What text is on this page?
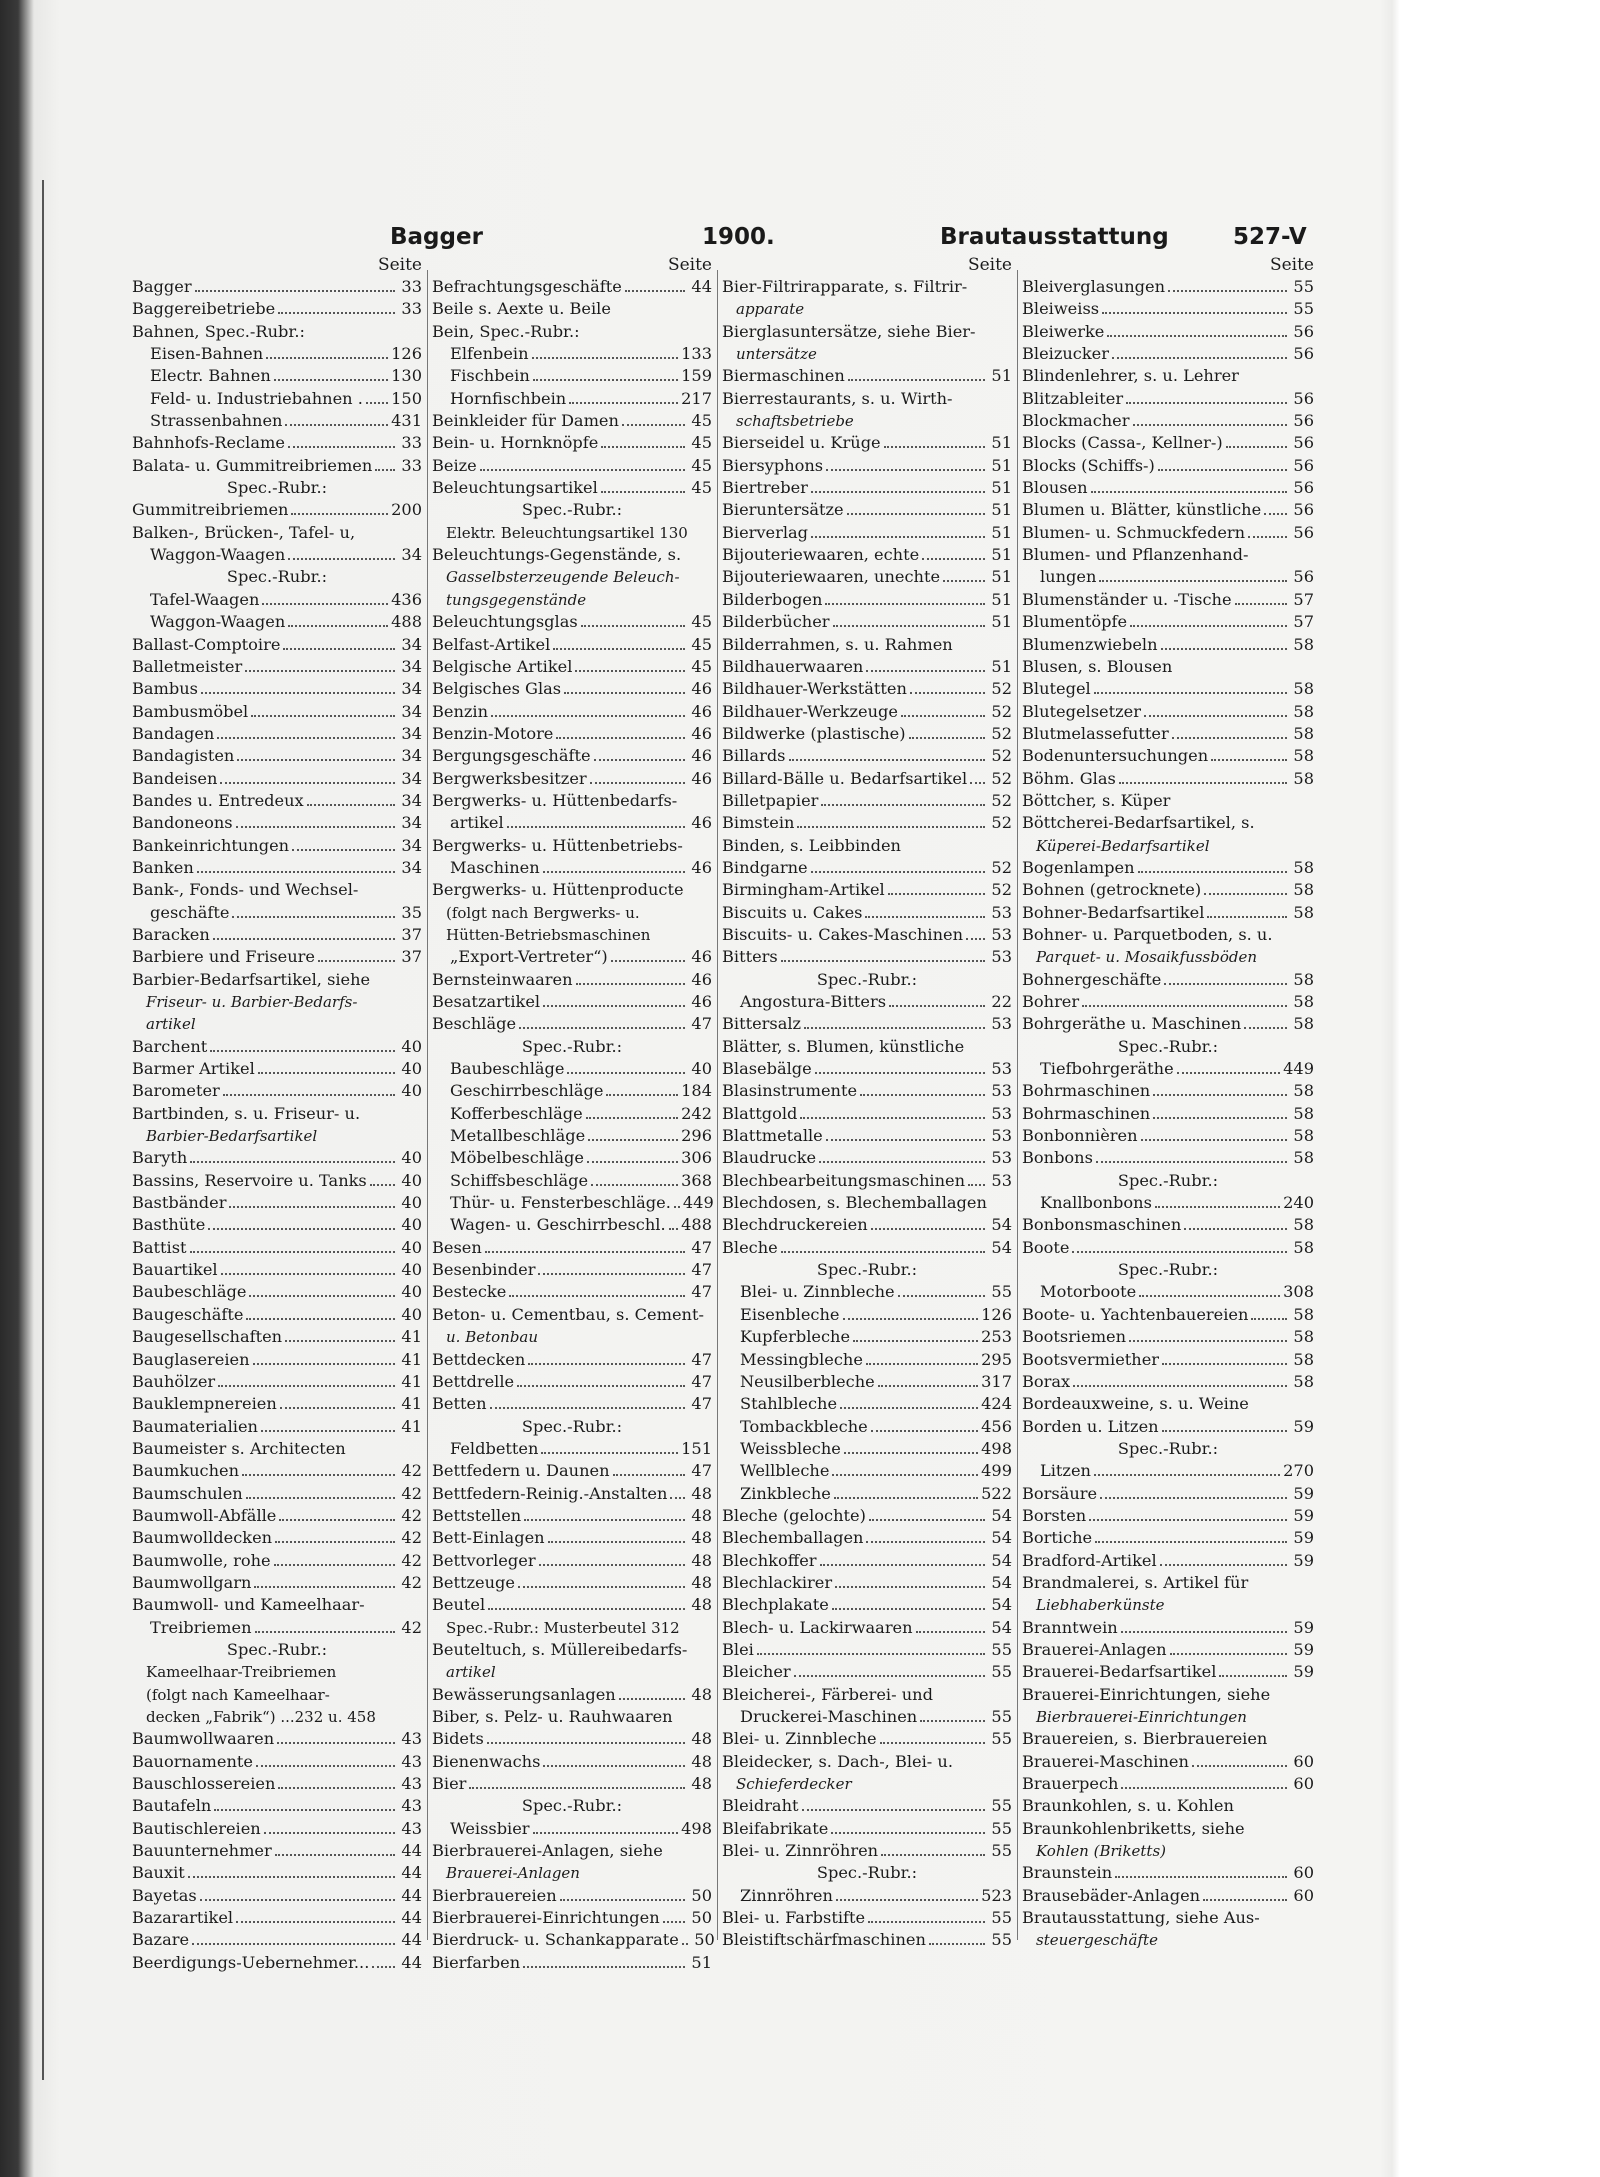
Bagger	1900.	Brautausstattung	527-V
Seite
Bagger	33
Baggereibetriebe	33
Bahnen, Spec.-Rubr.:
Eisen-Bahnen	126
Electr. Bahnen	130
Feld- u. Industriebahnen . 150
Strassenbahnen	431
Bahnhofs-Reclame	33
Balata- u. Gummitreibriemen 33
Spec.-Rubr.:
Gummitreibriemen	200
Balken-, Brücken-, Tafel- u,
Waggon-Waagen	34
Spec.-Rubr.:
Tafel-Waagen	436
Waggon-Waagen	488
Ballast-Comptoire	34
Balletmeister	34
Bambus	34
Bambusmöbel	34
Bandagen	34
Bandagisten	34
Bandeisen	34
Bandes u. Entredeux	34
Bandoneons	34
Bankeinrichtungen	34
Banken	34
Bank-, Fonds- und Wechsel-
geschäfte	35
Baracken	37
Barbiere und Friseure	37
Barbier-Bedarfsartikel, siehe
Friseur- u. Barbier-Bedarfs-
artikel
Barchent	40
Barmer Artikel	40
Barometer	40
Bartbinden, s. u. Friseur- u.
Barbier-Bedarfsartikel
Baryth	40
Bassins, Reservoire u. Tanks 40
Bastbänder	40
Basthüte	40
Battist	40
Bauartikel	40
Baubeschläge	40
Baugeschäfte	40
Baugesellschaften	41
Bauglasereien	41
Bauhölzer	41
Bauklempnereien	41
Baumaterialien	41
Baumeister s. Architecten
Baumkuchen	42
Baumschulen	42
Baumwoll-Abfälle	42
Baumwolldecken	42
Baumwolle, rohe	42
Baumwollgarn	42
Baumwoll- und Kameelhaar-
Treibriemen	42
Spec.-Rubr.:
Kameelhaar-Treibriemen
(folgt nach Kameelhaar-
decken „Fabrik“) ...232 u. 458
Baumwollwaaren	43
Bauornamente	43
Bauschlossereien	43
Bautafeln	43
Bautischlereien	43
Bauunternehmer	44
Bauxit	44
Bayetas	44
Bazarartikel	44
Bazare	44
Beerdigungs-Uebernehmer... 44
Seite
Befrachtungsgeschäfte	44
Beile s. Aexte u. Beile
Bein, Spec.-Rubr.:
Elfenbein	133
Fischbein	159
Hornfischbein	217
Beinkleider für Damen	45
Bein- u. Hornknöpfe	45
Beize	45
Beleuchtungsartikel	45
Spec.-Rubr.:
Elektr. Beleuchtungsartikel 130
Beleuchtungs-Gegenstände, s.
Gasselbsterzeugende Beleuch-
tungsgegenstände
Beleuchtungsglas	45
Belfast-Artikel	45
Belgische Artikel	45
Belgisches Glas	46
Benzin	46
Benzin-Motore	46
Bergungsgeschäfte	46
Bergwerksbesitzer	46
Bergwerks- u. Hüttenbedarfs-
artikel	46
Bergwerks- u. Hüttenbetriebs-
Maschinen	46
Bergwerks- u. Hüttenproducte
(folgt nach Bergwerks- u.
Hütten-Betriebsmaschinen
„Export-Vertreter“)	46
Bernsteinwaaren	46
Besatzartikel	46
Beschläge	47
Spec.-Rubr.:
Baubeschläge	40
Geschirrbeschläge	184
Kofferbeschläge	242
Metallbeschläge	296
Möbelbeschläge	306
Schiffsbeschläge	368
Thür- u. Fensterbeschläge. 449
Wagen- u. Geschirrbeschl. 488
Besen	47
Besenbinder	47
Bestecke	47
Beton- u. Cementbau, s. Cement-
u. Betonbau
Bettdecken	47
Bettdrelle	47
Betten	47
Spec.-Rubr.:
Feldbetten	151
Bettfedern u. Daunen	47
Bettfedern-Reinig.-Anstalten 48
Bettstellen	48
Bett-Einlagen	48
Bettvorleger	48
Bettzeuge	48
Beutel	48
Spec.-Rubr.: Musterbeutel 312
Beuteltuch, s. Müllereibedarfs-
artikel
Bewässerungsanlagen	48
Biber, s. Pelz- u. Rauhwaaren
Bidets	48
Bienenwachs	48
Bier	48
Spec.-Rubr.:
Weissbier	498
Bierbrauerei-Anlagen, siehe
Brauerei-Anlagen
Bierbrauereien	50
Bierbrauerei-Einrichtungen 50
Bierdruck- u. Schankapparate 50
Bierfarben	51
Seite
Bier-Filtrirapparate, s. Filtrir-
apparate
Bierglasuntersätze, siehe Bier-
untersätze
Biermaschinen	51
Bierrestaurants, s. u. Wirth-
schaftsbetriebe
Bierseidel u. Krüge	51
Biersyphons	51
Biertreber	51
Bieruntersätze	51
Bierverlag	51
Bijouteriewaaren, echte	51
Bijouteriewaaren, unechte	51
Bilderbogen	51
Bilderbücher	51
Bilderrahmen, s. u. Rahmen
Bildhauerwaaren	51
Bildhauer-Werkstätten	52
Bildhauer-Werkzeuge	52
Bildwerke (plastische)	52
Billards	52
Billard-Bälle u. Bedarfsartikel 52
Billetpapier	52
Bimstein	52
Binden, s. Leibbinden
Bindgarne	52
Birmingham-Artikel	52
Biscuits u. Cakes	53
Biscuits- u. Cakes-Maschinen 53
Bitters	53
Spec.-Rubr.:
Angostura-Bitters	22
Bittersalz	53
Blätter, s. Blumen, künstliche
Blasebälge	53
Blasinstrumente	53
Blattgold	53
Blattmetalle	53
Blaudrucke	53
Blechbearbeitungsmaschinen 53
Blechdosen, s. Blechemballagen
Blechdruckereien	54
Bleche	54
Spec.-Rubr.:
Blei- u. Zinnbleche	55
Eisenbleche	126
Kupferbleche	253
Messingbleche	295
Neusilberbleche	317
Stahlbleche	424
Tombackbleche	456
Weissbleche	498
Wellbleche	499
Zinkbleche	522
Bleche (gelochte)	54
Blechemballagen	54
Blechkoffer	54
Blechlackirer	54
Blechplakate	54
Blech- u. Lackirwaaren	54
Blei	55
Bleicher	55
Bleicherei-, Färberei- und
Druckerei-Maschinen	55
Blei- u. Zinnbleche	55
Bleidecker, s. Dach-, Blei- u.
Schieferdecker
Bleidraht	55
Bleifabrikate	55
Blei- u. Zinnröhren	55
Spec.-Rubr.:
Zinnröhren	523
Blei- u. Farbstifte	55
Bleistiftschärfmaschinen	55
Seite
Bleiverglasungen	55
Bleiweiss	55
Bleiwerke	56
Bleizucker	56
Blindenlehrer, s. u. Lehrer
Blitzableiter	56
Blockmacher	56
Blocks (Cassa-, Kellner-)	56
Blocks (Schiffs-)	56
Blousen	56
Blumen u. Blätter, künstliche 56
Blumen- u. Schmuckfedern	56
Blumen- und Pflanzenhand-
lungen	56
Blumenständer u. -Tische	57
Blumentöpfe	57
Blumenzwiebeln	58
Blusen, s. Blousen
Blutegel	58
Blutegelsetzer	58
Blutmelassefutter	58
Bodenuntersuchungen	58
Böhm. Glas	58
Böttcher, s. Küper
Böttcherei-Bedarfsartikel, s.
Küperei-Bedarfsartikel
Bogenlampen	58
Bohnen (getrocknete)	58
Bohner-Bedarfsartikel	58
Bohner- u. Parquetboden, s. u.
Parquet- u. Mosaikfussböden
Bohnergeschäfte	58
Bohrer	58
Bohrgeräthe u. Maschinen	58
Spec.-Rubr.:
Tiefbohrgeräthe	449
Bohrmaschinen	58
Bohrmaschinen	58
Bonbonnièren	58
Bonbons	58
Spec.-Rubr.:
Knallbonbons	240
Bonbonsmaschinen	58
Boote	58
Spec.-Rubr.:
Motorboote	308
Boote- u. Yachtenbauereien	58
Bootsriemen	58
Bootsvermiether	58
Borax	58
Bordeauxweine, s. u. Weine
Borden u. Litzen	59
Spec.-Rubr.:
Litzen	270
Borsäure	59
Borsten	59
Bortiche	59
Bradford-Artikel	59
Brandmalerei, s. Artikel für
Liebhaberkünste
Branntwein	59
Brauerei-Anlagen	59
Brauerei-Bedarfsartikel	59
Brauerei-Einrichtungen, siehe
Bierbrauerei-Einrichtungen
Brauereien, s. Bierbrauereien
Brauerei-Maschinen	60
Brauerpech	60
Braunkohlen, s. u. Kohlen
Braunkohlenbriketts, siehe
Kohlen (Briketts)
Braunstein	60
Brausebäder-Anlagen	60
Brautausstattung, siehe Aus-
steuergeschäfte
